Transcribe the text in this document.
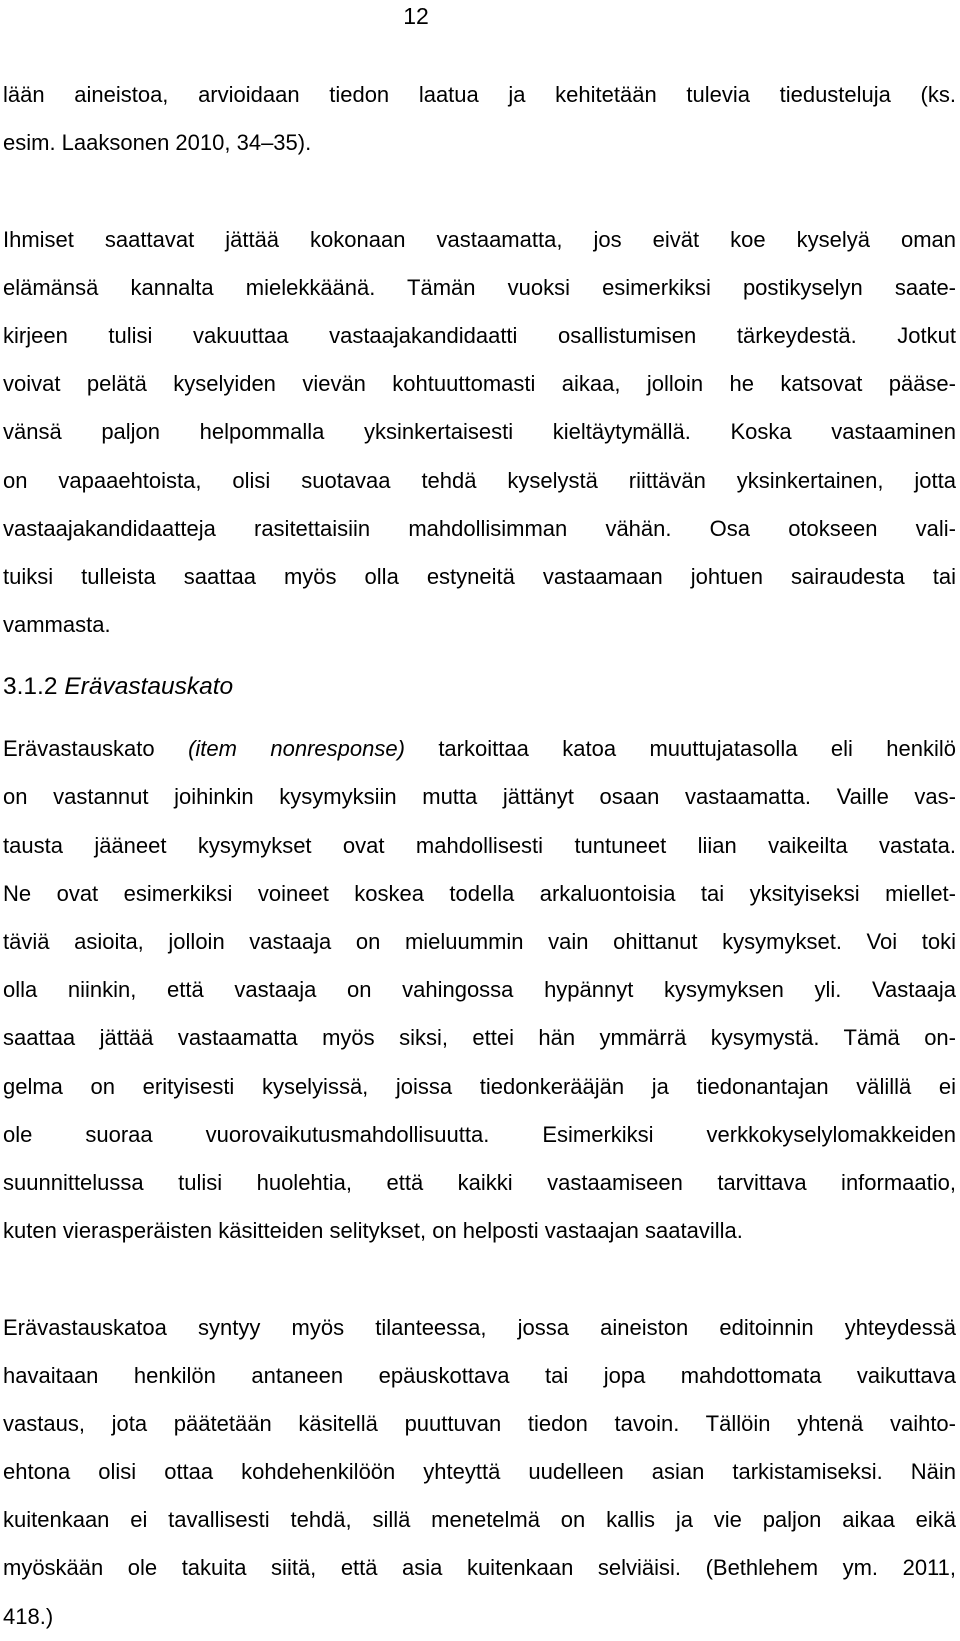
12
lään aineistoa, arvioidaan tiedon laatua ja kehitetään tulevia tiedusteluja (ks.
esim. Laaksonen 2010, 34–35).
Ihmiset saattavat jättää kokonaan vastaamatta, jos eivät koe kyselyä oman
elämänsä kannalta mielekkäänä. Tämän vuoksi esimerkiksi postikyselyn saate-
kirjeen tulisi vakuuttaa vastaajakandidaatti osallistumisen tärkeydestä. Jotkut
voivat pelätä kyselyiden vievän kohtuuttomasti aikaa, jolloin he katsovat pääse-
vänsä paljon helpommalla yksinkertaisesti kieltäytymällä. Koska vastaaminen
on vapaaehtoista, olisi suotavaa tehdä kyselystä riittävän yksinkertainen, jotta
vastaajakandidaatteja rasitettaisiin mahdollisimman vähän. Osa otokseen vali-
tuiksi tulleista saattaa myös olla estyneitä vastaamaan johtuen sairaudesta tai
vammasta.
3.1.2 Erävastauskato
Erävastauskato (item nonresponse) tarkoittaa katoa muuttujatasolla eli henkilö
on vastannut joihinkin kysymyksiin mutta jättänyt osaan vastaamatta. Vaille vas-
tausta jääneet kysymykset ovat mahdollisesti tuntuneet liian vaikeilta vastata.
Ne ovat esimerkiksi voineet koskea todella arkaluontoisia tai yksityiseksi miellet-
täviä asioita, jolloin vastaaja on mieluummin vain ohittanut kysymykset. Voi toki
olla niinkin, että vastaaja on vahingossa hypännyt kysymyksen yli. Vastaaja
saattaa jättää vastaamatta myös siksi, ettei hän ymmärrä kysymystä. Tämä on-
gelma on erityisesti kyselyissä, joissa tiedonkerääjän ja tiedonantajan välillä ei
ole suoraa vuorovaikutusmahdollisuutta. Esimerkiksi verkkokyselylomakkeiden
suunnittelussa tulisi huolehtia, että kaikki vastaamiseen tarvittava informaatio,
kuten vierasperäisten käsitteiden selitykset, on helposti vastaajan saatavilla.
Erävastauskatoa syntyy myös tilanteessa, jossa aineiston editoinnin yhteydessä
havaitaan henkilön antaneen epäuskottava tai jopa mahdottomata vaikuttava
vastaus, jota päätetään käsitellä puuttuvan tiedon tavoin. Tällöin yhtenä vaihto-
ehtona olisi ottaa kohdehenkilöön yhteyttä uudelleen asian tarkistamiseksi. Näin
kuitenkaan ei tavallisesti tehdä, sillä menetelmä on kallis ja vie paljon aikaa eikä
myöskään ole takuita siitä, että asia kuitenkaan selviäisi. (Bethlehem ym. 2011,
418.)
